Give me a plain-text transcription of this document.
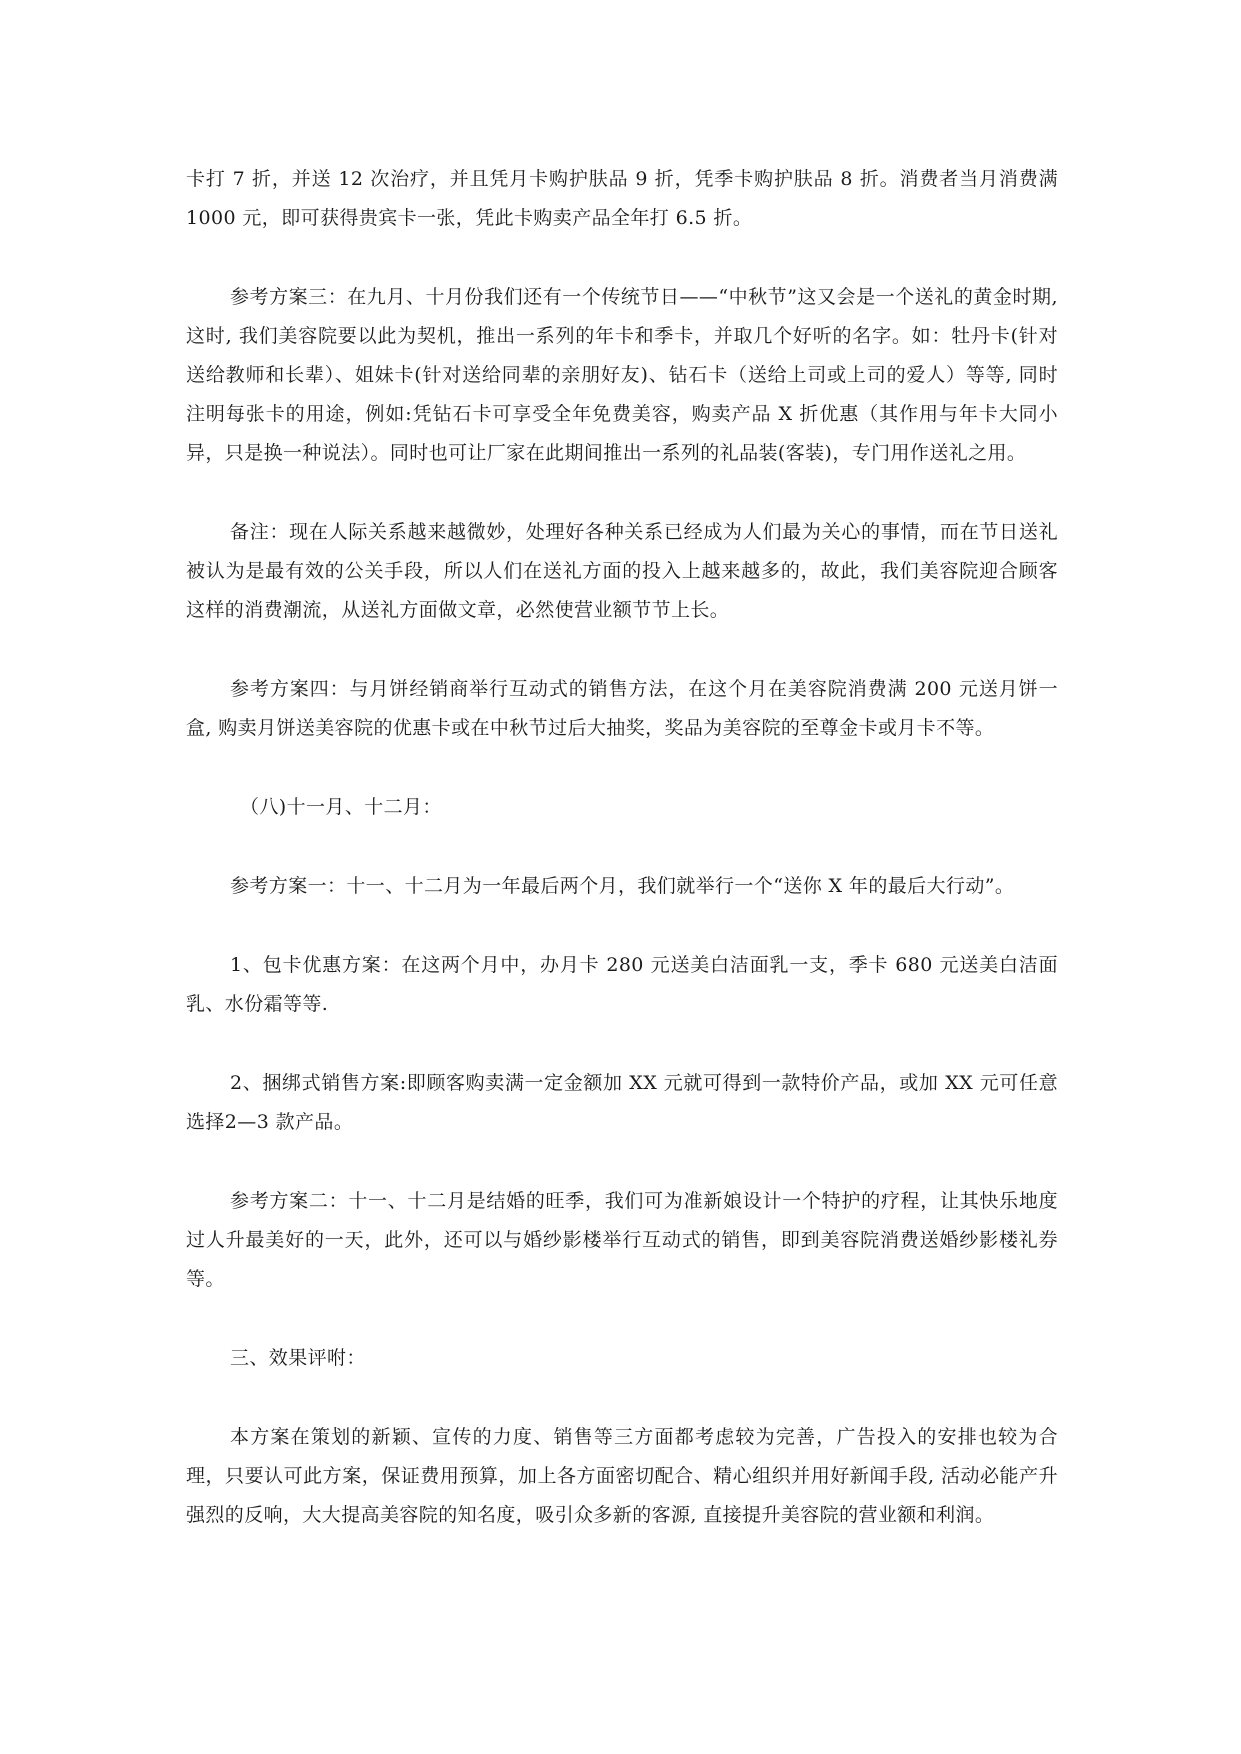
卡打 7 折，并送 12 次治疗，并且凭月卡购护肤品 9 折，凭季卡购护肤品 8 折。消费者当月消费满 1000 元，即可获得贵宾卡一张，凭此卡购卖产品全年打 6.5 折。

参考方案三：在九月、十月份我们还有一个传统节日——“中秋节”这又会是一个送礼的黄金时期, 这时, 我们美容院要以此为契机，推出一系列的年卡和季卡，并取几个好听的名字。如：牡丹卡(针对送给教师和长辈）、姐妹卡(针对送给同辈的亲朋好友)、钻石卡（送给上司或上司的爱人）等等, 同时注明每张卡的用途，例如:凭钻石卡可享受全年免费美容，购卖产品 X 折优惠（其作用与年卡大同小异，只是换一种说法）。同时也可让厂家在此期间推出一系列的礼品装(客装)，专门用作送礼之用。

备注：现在人际关系越来越微妙，处理好各种关系已经成为人们最为关心的事情，而在节日送礼被认为是最有效的公关手段，所以人们在送礼方面的投入上越来越多的，故此，我们美容院迎合顾客这样的消费潮流，从送礼方面做文章，必然使营业额节节上长。

参考方案四：与月饼经销商举行互动式的销售方法，在这个月在美容院消费满 200 元送月饼一盒, 购卖月饼送美容院的优惠卡或在中秋节过后大抽奖，奖品为美容院的至尊金卡或月卡不等。

（八)十一月、十二月：

参考方案一：十一、十二月为一年最后两个月，我们就举行一个“送你 X 年的最后大行动”。

1、包卡优惠方案：在这两个月中，办月卡 280 元送美白洁面乳一支，季卡 680 元送美白洁面乳、水份霜等等.

2、捆绑式销售方案:即顾客购卖满一定金额加 XX 元就可得到一款特价产品，或加 XX 元可任意选择2—3 款产品。

参考方案二：十一、十二月是结婚的旺季，我们可为准新娘设计一个特护的疗程，让其快乐地度过人升最美好的一天，此外，还可以与婚纱影楼举行互动式的销售，即到美容院消费送婚纱影楼礼券等。

三、效果评咐：

本方案在策划的新颖、宣传的力度、销售等三方面都考虑较为完善，广告投入的安排也较为合理，只要认可此方案，保证费用预算，加上各方面密切配合、精心组织并用好新闻手段, 活动必能产升强烈的反响，大大提高美容院的知名度，吸引众多新的客源, 直接提升美容院的营业额和利润。
